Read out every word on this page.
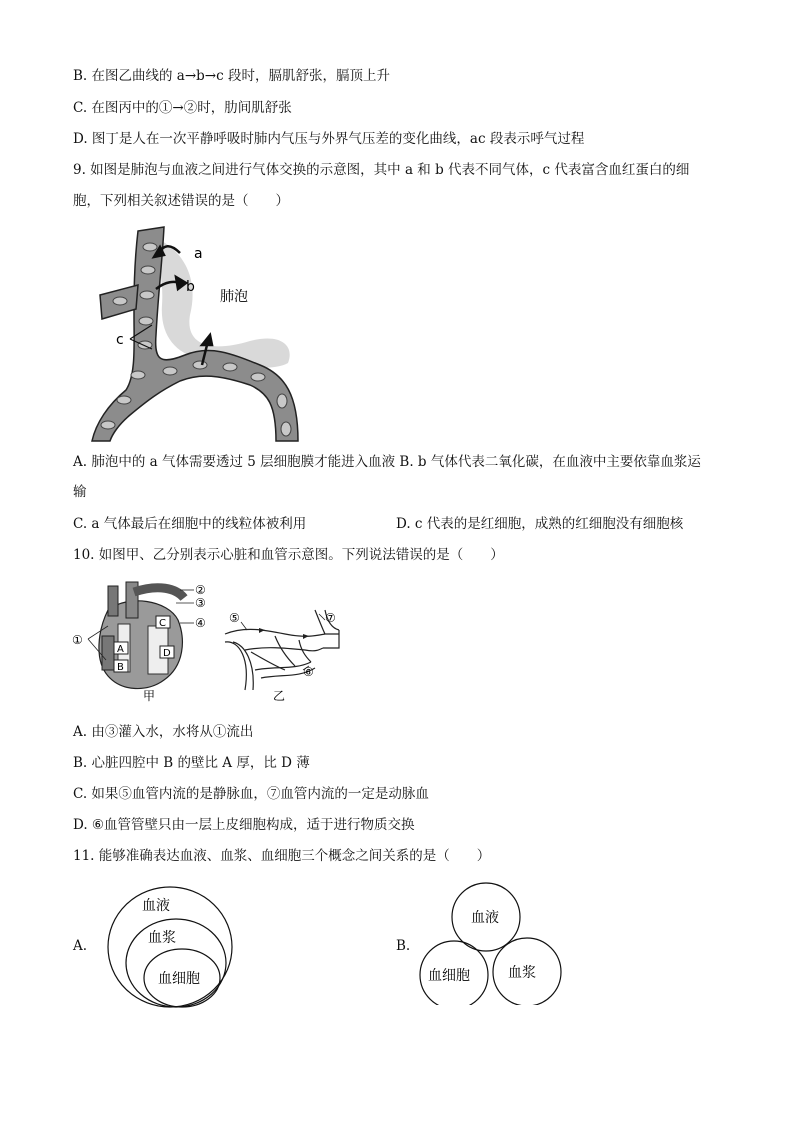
B. 在图乙曲线的 a→b→c 段时，膈肌舒张，膈顶上升
C. 在图丙中的①→②时，肋间肌舒张
D. 图丁是人在一次平静呼吸时肺内气压与外界气压差的变化曲线，ac 段表示呼气过程
9. 如图是肺泡与血液之间进行气体交换的示意图，其中 a 和 b 代表不同气体，c 代表富含血红蛋白的细
胞，下列相关叙述错误的是（　　）
a
b
c
肺泡
A. 肺泡中的 a 气体需要透过 5 层细胞膜才能进入血液 B. b 气体代表二氧化碳，在血液中主要依靠血浆运
输
C. a 气体最后在细胞中的线粒体被利用	D. c 代表的是红细胞，成熟的红细胞没有细胞核
10. 如图甲、乙分别表示心脏和血管示意图。下列说法错误的是（　　）
A
B
C
D
①
②
③
④
甲
⑤	⑦
⑥
乙
A. 由③灌入水，水将从①流出
B. 心脏四腔中 B 的壁比 A 厚，比 D 薄
C. 如果⑤血管内流的是静脉血，⑦血管内流的一定是动脉血
D. ⑥血管管壁只由一层上皮细胞构成，适于进行物质交换
11. 能够准确表达血液、血浆、血细胞三个概念之间关系的是（　　）
A.
血液
血浆
血细胞
B.
血液
血细胞	血浆
